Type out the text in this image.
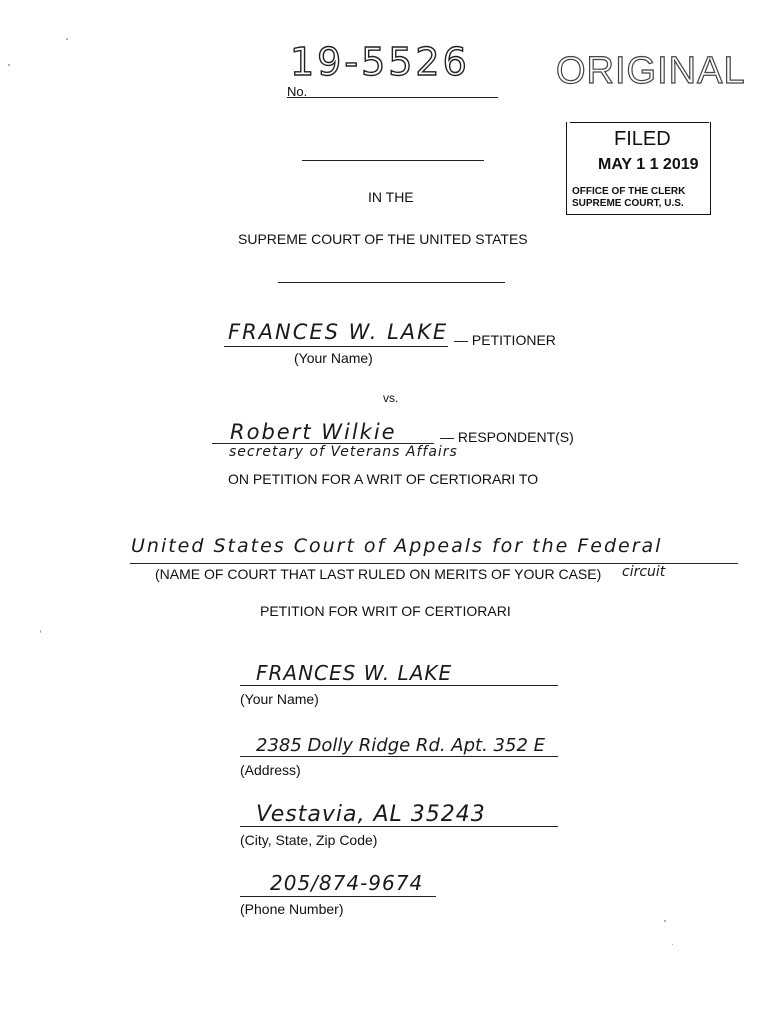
19-5526
No.	ORIGINAL
FILED
MAY 1 1 2019
OFFICE OF THE CLERK
SUPREME COURT, U.S.
IN THE
SUPREME COURT OF THE UNITED STATES
FRANCES W. LAKE — PETITIONER
(Your Name)
vs.
Robert Wilkie	— RESPONDENT(S)
secretary of Veterans Affairs
ON PETITION FOR A WRIT OF CERTIORARI TO
United States Court of Appeals for the Federal
(NAME OF COURT THAT LAST RULED ON MERITS OF YOUR CASE) circuit
PETITION FOR WRIT OF CERTIORARI
FRANCES W. LAKE
(Your Name)
2385 Dolly Ridge Rd. Apt. 352 E
(Address)
Vestavia, AL 35243
(City, State, Zip Code)
205/874-9674
(Phone Number)
